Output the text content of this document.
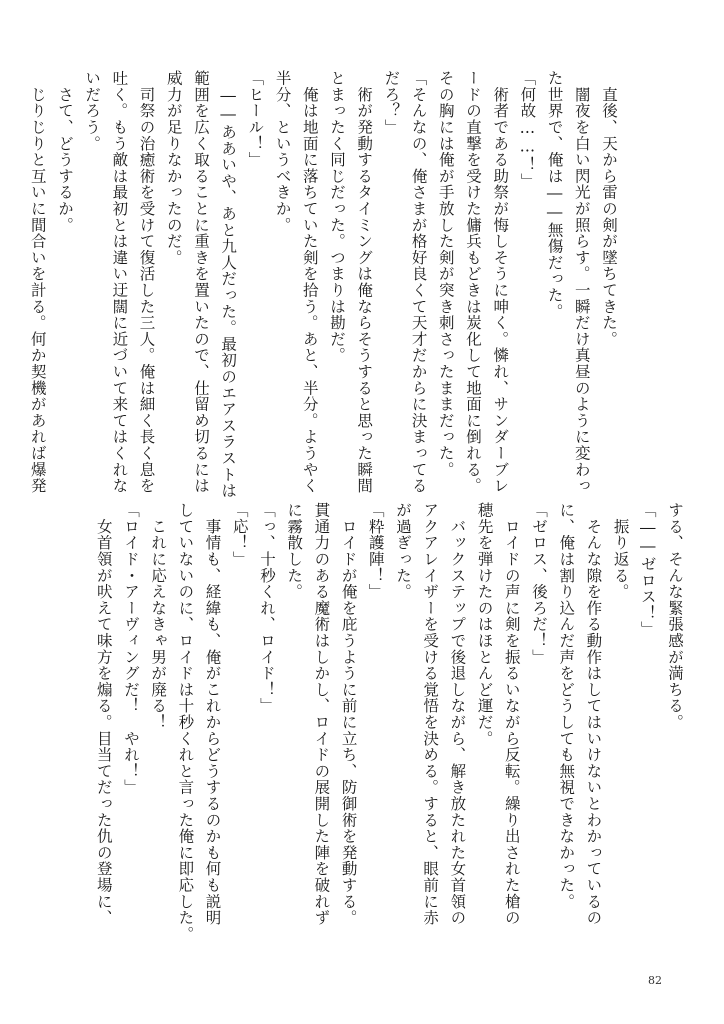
　直後、天から雷の剣が墜ちてきた。
　闇夜を白い閃光が照らす。一瞬だけ真昼のように変わっ
た世界で、俺は――無傷だった。
「何故……！」
　術者である助祭が悔しそうに呻く。憐れ、サンダーブレ
ードの直撃を受けた傭兵もどきは炭化して地面に倒れる。
その胸には俺が手放した剣が突き刺さったままだった。
「そんなの、俺さまが格好良くて天才だからに決まってる
だろ？」
　術が発動するタイミングは俺ならそうすると思った瞬間
とまったく同じだった。つまりは勘だ。
　俺は地面に落ちていた剣を拾う。あと、半分。ようやく
半分、というべきか。
「ヒール！」
　――ああいや、あと九人だった。最初のエアスラストは
範囲を広く取ることに重きを置いたので、仕留め切るには
威力が足りなかったのだ。
　司祭の治癒術を受けて復活した三人。俺は細く長く息を
吐く。もう敵は最初とは違い迂闊に近づいて来てはくれな
いだろう。
　さて、どうするか。
　じりじりと互いに間合いを計る。何か契機があれば爆発
する、そんな緊張感が満ちる。
「――ゼロス！」
　振り返る。
　そんな隙を作る動作はしてはいけないとわかっているの
に、俺は割り込んだ声をどうしても無視できなかった。
「ゼロス、後ろだ！」
　ロイドの声に剣を振るいながら反転。繰り出された槍の
穂先を弾けたのはほとんど運だ。
　バックステップで後退しながら、解き放たれた女首領の
アクアレイザーを受ける覚悟を決める。すると、眼前に赤
が過ぎった。
「粋護陣！」
　ロイドが俺を庇うように前に立ち、防御術を発動する。
貫通力のある魔術はしかし、ロイドの展開した陣を破れず
に霧散した。
「っ、十秒くれ、ロイド！」
「応！」
　事情も、経緯も、俺がこれからどうするのかも何も説明
していないのに、ロイドは十秒くれと言った俺に即応した。
　これに応えなきゃ男が廃る！
「ロイド・アーヴィングだ！　やれ！」
　女首領が吠えて味方を煽る。目当てだった仇の登場に、
82
